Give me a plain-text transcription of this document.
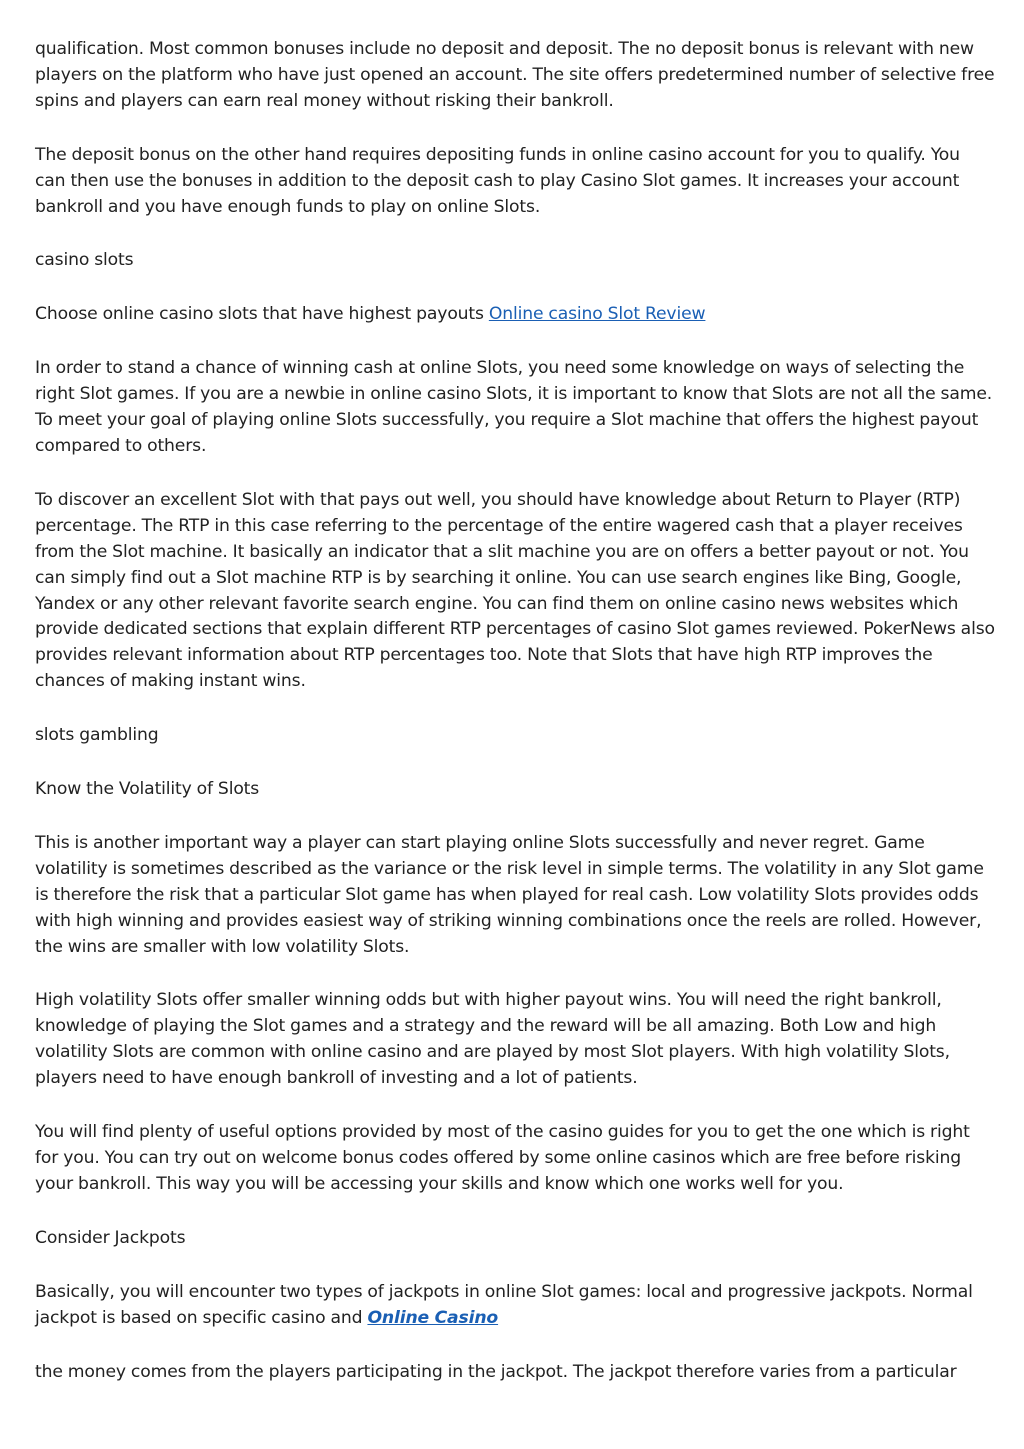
qualification. Most common bonuses include no deposit and deposit. The no deposit bonus is relevant with new players on the platform who have just opened an account. The site offers predetermined number of selective free spins and players can earn real money without risking their bankroll.

The deposit bonus on the other hand requires depositing funds in online casino account for you to qualify. You can then use the bonuses in addition to the deposit cash to play Casino Slot games. It increases your account bankroll and you have enough funds to play on online Slots.

casino slots

Choose online casino slots that have highest payouts Online casino Slot Review

In order to stand a chance of winning cash at online Slots, you need some knowledge on ways of selecting the right Slot games. If you are a newbie in online casino Slots, it is important to know that Slots are not all the same. To meet your goal of playing online Slots successfully, you require a Slot machine that offers the highest payout compared to others.

To discover an excellent Slot with that pays out well, you should have knowledge about Return to Player (RTP) percentage. The RTP in this case referring to the percentage of the entire wagered cash that a player receives from the Slot machine. It basically an indicator that a slit machine you are on offers a better payout or not. You can simply find out a Slot machine RTP is by searching it online. You can use search engines like Bing, Google, Yandex or any other relevant favorite search engine. You can find them on online casino news websites which provide dedicated sections that explain different RTP percentages of casino Slot games reviewed. PokerNews also provides relevant information about RTP percentages too. Note that Slots that have high RTP improves the chances of making instant wins.

slots gambling

Know the Volatility of Slots

This is another important way a player can start playing online Slots successfully and never regret. Game volatility is sometimes described as the variance or the risk level in simple terms. The volatility in any Slot game is therefore the risk that a particular Slot game has when played for real cash. Low volatility Slots provides odds with high winning and provides easiest way of striking winning combinations once the reels are rolled. However, the wins are smaller with low volatility Slots.

High volatility Slots offer smaller winning odds but with higher payout wins. You will need the right bankroll, knowledge of playing the Slot games and a strategy and the reward will be all amazing. Both Low and high volatility Slots are common with online casino and are played by most Slot players. With high volatility Slots, players need to have enough bankroll of investing and a lot of patients.

You will find plenty of useful options provided by most of the casino guides for you to get the one which is right for you. You can try out on welcome bonus codes offered by some online casinos which are free before risking your bankroll. This way you will be accessing your skills and know which one works well for you.

Consider Jackpots

Basically, you will encounter two types of jackpots in online Slot games: local and progressive jackpots. Normal jackpot is based on specific casino and Online Casino

the money comes from the players participating in the jackpot. The jackpot therefore varies from a particular
